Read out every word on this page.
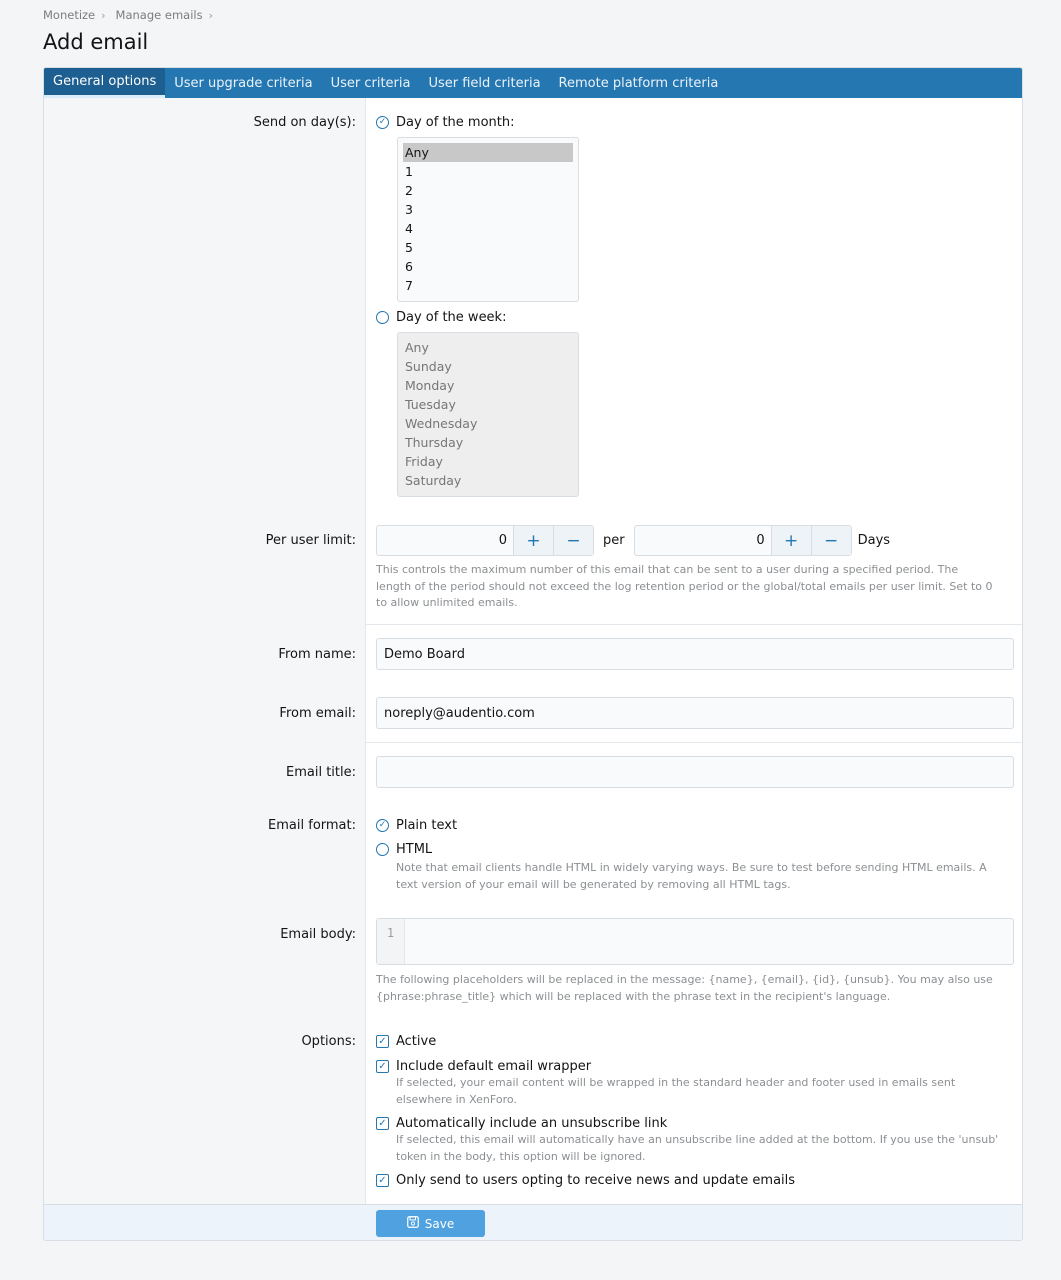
Monetize › Manage emails ›
Add email
General options	User upgrade criteria	User criteria	User field criteria	Remote platform criteria
Send on day(s): ✓	Day of the month:
Any
1
2
3
4
5
6
7
Day of the week:
Any
Sunday
Monday
Tuesday
Wednesday
Thursday
Friday
Saturday
Per user limit:	0	+	−	per	0	+	−	Days
This controls the maximum number of this email that can be sent to a user during a specified period. The length of the period should not exceed the log retention period or the global/total emails per user limit. Set to 0 to allow unlimited emails.
From name:	Demo Board
From email:	noreply@audentio.com
Email title:
Email format: ✓	Plain text
HTML
Note that email clients handle HTML in widely varying ways. Be sure to test before sending HTML emails. A text version of your email will be generated by removing all HTML tags.
Email body:	1
The following placeholders will be replaced in the message: {name}, {email}, {id}, {unsub}. You may also use {phrase:phrase_title} which will be replaced with the phrase text in the recipient's language.
Options: ✓	Active
✓
Include default email wrapper
If selected, your email content will be wrapped in the standard header and footer used in emails sent elsewhere in XenForo.
✓
Automatically include an unsubscribe link
If selected, this email will automatically have an unsubscribe line added at the bottom. If you use the 'unsub' token in the body, this option will be ignored.
✓
Only send to users opting to receive news and update emails
Save
